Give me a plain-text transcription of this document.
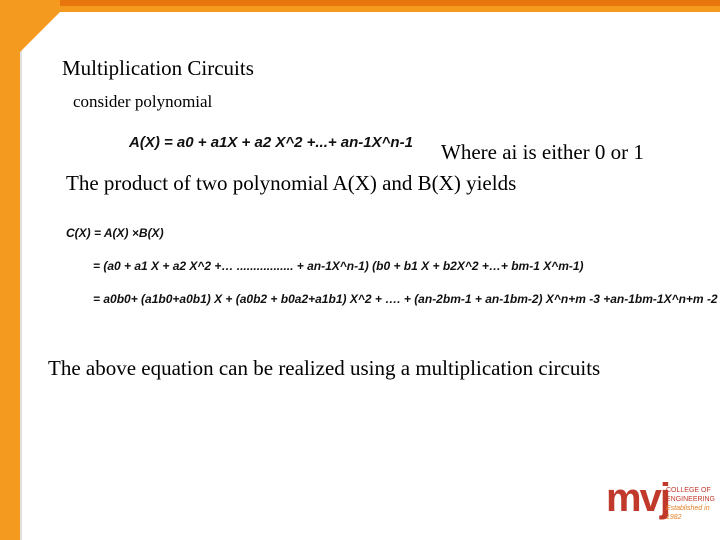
Multiplication Circuits
consider polynomial
A(X) = a0 + a1X + a2 X^2 +...+ an-1X^n-1 Where ai is either 0 or 1
The product of two polynomial A(X) and B(X) yields
C(X) = A(X) ×B(X)
= (a0 + a1 X + a2 X^2 +… ................. + an-1X^n-1) (b0 + b1 X + b2X^2 +…+ bm-1 X^m-1)
= a0b0+ (a1b0+a0b1) X + (a0b2 + b0a2+a1b1) X^2 + …. + (an-2bm-1 + an-1bm-2) X^n+m -3 +an-1bm-1X^n+m -2
The above equation can be realized using a multiplication circuits
mvj
COLLEGE OF
ENGINEERING
Established in 1982
